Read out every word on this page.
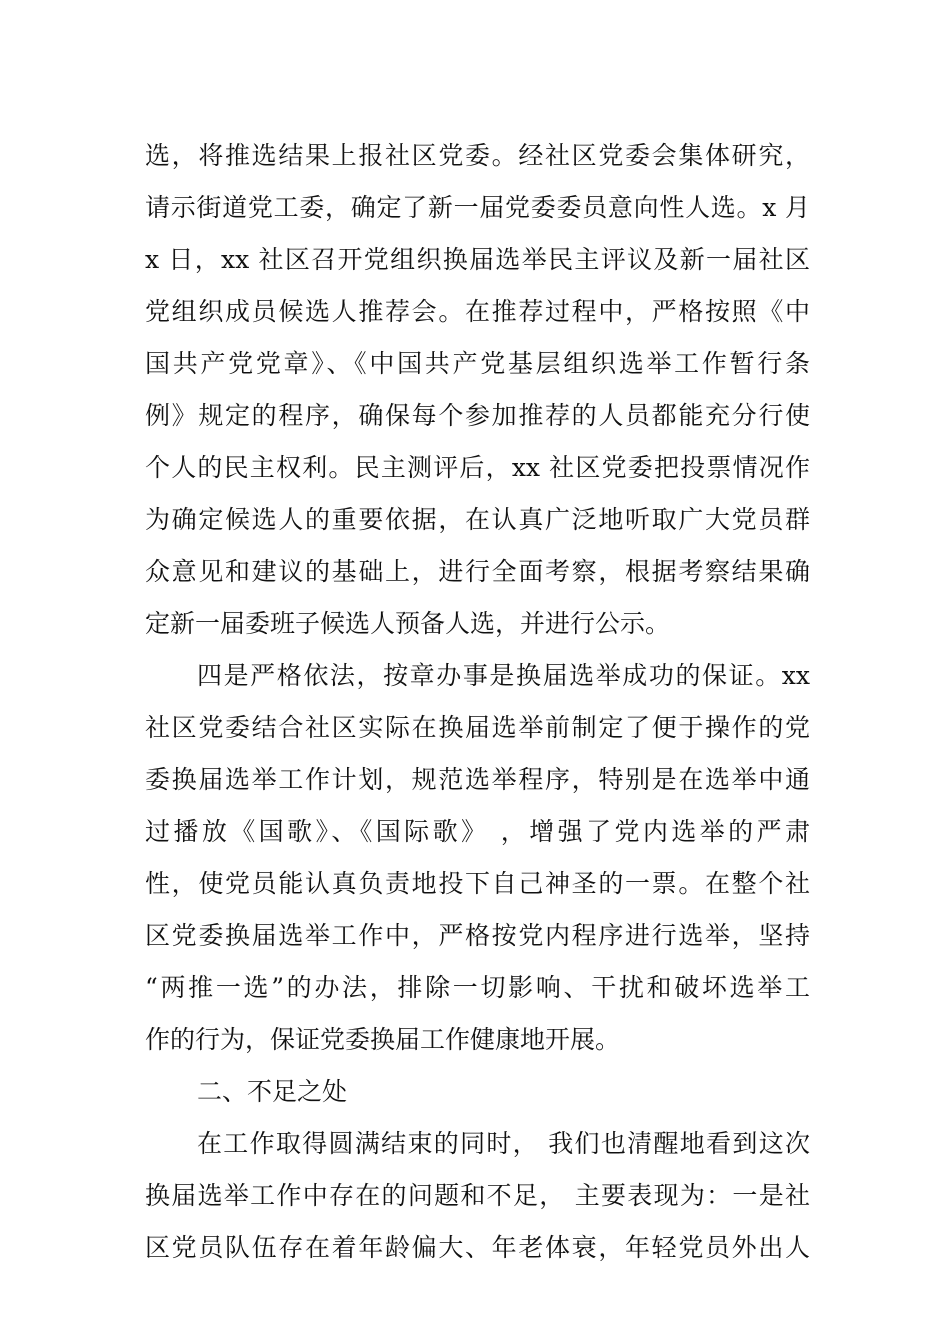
选，将推选结果上报社区党委。经社区党委会集体研究，
请示街道党工委，确定了新一届党委委员意向性人选。x 月
x 日，xx 社区召开党组织换届选举民主评议及新一届社区
党组织成员候选人推荐会。在推荐过程中，严格按照《中
国共产党党章》、《中国共产党基层组织选举工作暂行条
例》规定的程序，确保每个参加推荐的人员都能充分行使
个人的民主权利。民主测评后，xx 社区党委把投票情况作
为确定候选人的重要依据，在认真广泛地听取广大党员群
众意见和建议的基础上，进行全面考察，根据考察结果确
定新一届委班子候选人预备人选，并进行公示。
四是严格依法，按章办事是换届选举成功的保证。xx
社区党委结合社区实际在换届选举前制定了便于操作的党
委换届选举工作计划，规范选举程序，特别是在选举中通
过播放《国歌》、《国际歌》 ，增强了党内选举的严肃
性，使党员能认真负责地投下自己神圣的一票。在整个社
区党委换届选举工作中，严格按党内程序进行选举，坚持
“两推一选”的办法，排除一切影响、干扰和破坏选举工
作的行为，保证党委换届工作健康地开展。
二、不足之处
在工作取得圆满结束的同时， 我们也清醒地看到这次
换届选举工作中存在的问题和不足， 主要表现为：一是社
区党员队伍存在着年龄偏大、年老体衰，年轻党员外出人
